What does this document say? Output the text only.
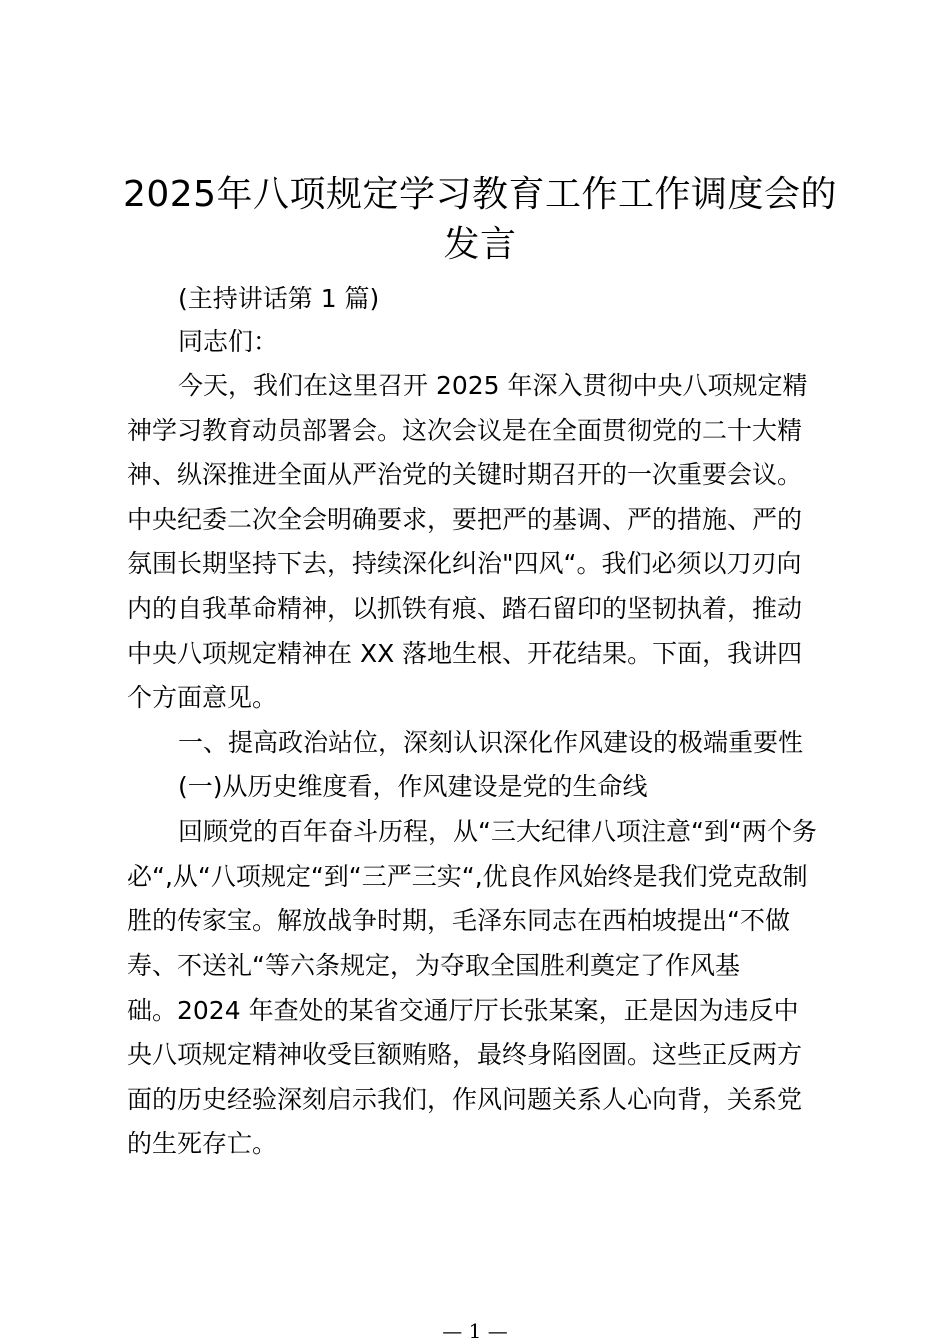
2025年八项规定学习教育工作工作调度会的
发言
(主持讲话第 1 篇)
同志们：
今天，我们在这里召开 2025 年深入贯彻中央八项规定精
神学习教育动员部署会。这次会议是在全面贯彻党的二十大精
神、纵深推进全面从严治党的关键时期召开的一次重要会议。
中央纪委二次全会明确要求，要把严的基调、严的措施、严的
氛围长期坚持下去，持续深化纠治"四风“。我们必须以刀刃向
内的自我革命精神，以抓铁有痕、踏石留印的坚韧执着，推动
中央八项规定精神在 XX 落地生根、开花结果。下面，我讲四
个方面意见。
一、提高政治站位，深刻认识深化作风建设的极端重要性
(一)从历史维度看，作风建设是党的生命线
回顾党的百年奋斗历程，从“三大纪律八项注意“到“两个务
必“,从“八项规定“到“三严三实“,优良作风始终是我们党克敌制
胜的传家宝。解放战争时期，毛泽东同志在西柏坡提出“不做
寿、不送礼“等六条规定，为夺取全国胜利奠定了作风基
础。2024 年查处的某省交通厅厅长张某案，正是因为违反中
央八项规定精神收受巨额贿赂，最终身陷囹圄。这些正反两方
面的历史经验深刻启示我们，作风问题关系人心向背，关系党
的生死存亡。
— 1 —
